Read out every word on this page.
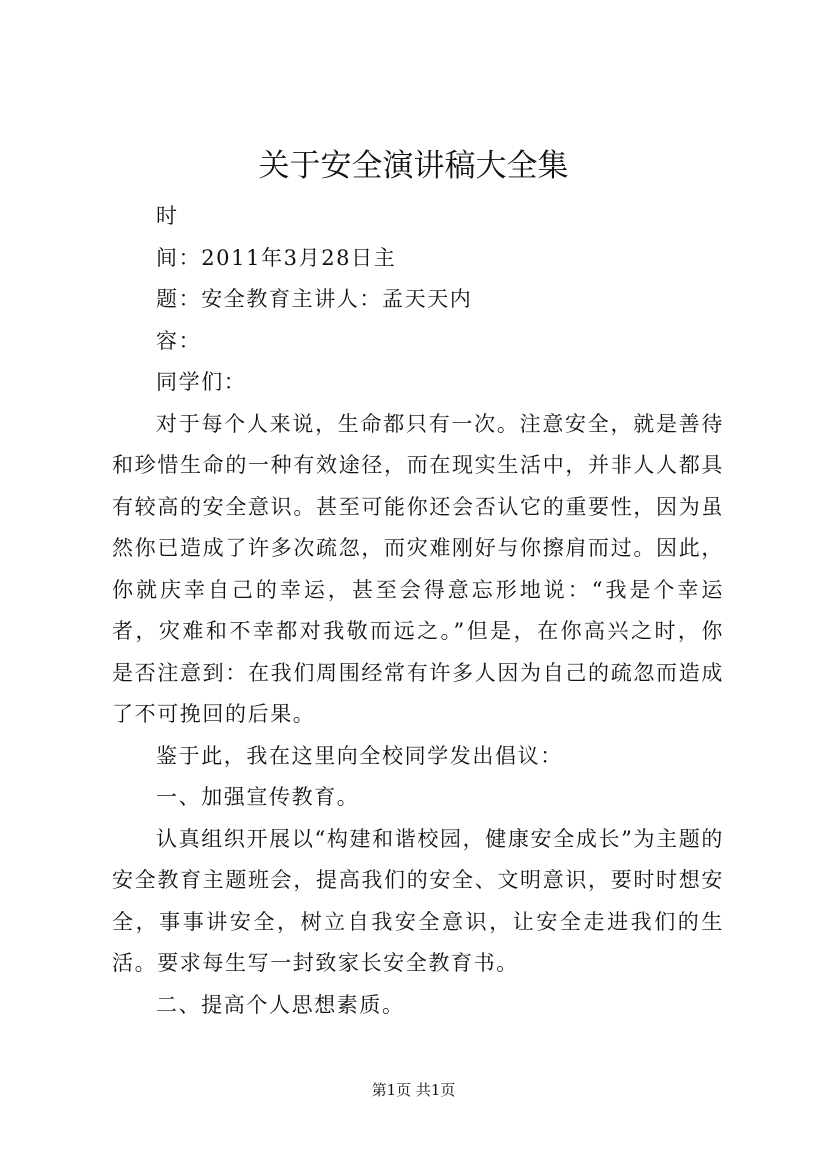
关于安全演讲稿大全集

时

间：2011年3月28日主

题：安全教育主讲人：孟天天内

容：

同学们：

对于每个人来说，生命都只有一次。注意安全，就是善待和珍惜生命的一种有效途径，而在现实生活中，并非人人都具有较高的安全意识。甚至可能你还会否认它的重要性，因为虽然你已造成了许多次疏忽，而灾难刚好与你擦肩而过。因此，你就庆幸自己的幸运，甚至会得意忘形地说：“我是个幸运者，灾难和不幸都对我敬而远之。”但是，在你高兴之时，你是否注意到：在我们周围经常有许多人因为自己的疏忽而造成了不可挽回的后果。

鉴于此，我在这里向全校同学发出倡议：

一、加强宣传教育。

认真组织开展以“构建和谐校园，健康安全成长”为主题的安全教育主题班会，提高我们的安全、文明意识，要时时想安全，事事讲安全，树立自我安全意识，让安全走进我们的生活。要求每生写一封致家长安全教育书。

二、提高个人思想素质。

第1页 共1页
